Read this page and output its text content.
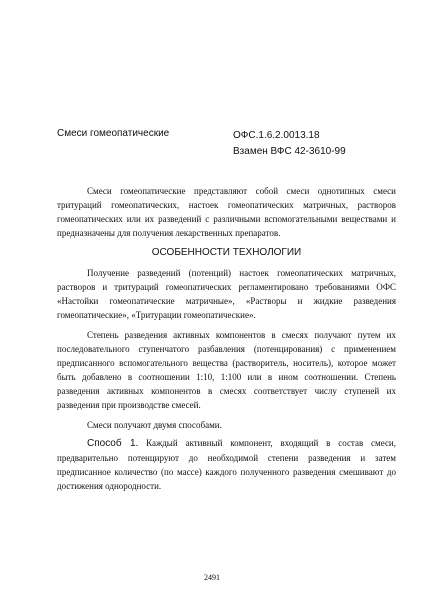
Смеси гомеопатические	ОФС.1.6.2.0013.18
Взамен ВФС 42-3610-99

Смеси гомеопатические представляют собой смеси однотипных смеси тритураций гомеопатических, настоек гомеопатических матричных, растворов гомеопатических или их разведений с различными вспомогательными веществами и предназначены для получения лекарственных препаратов.

ОСОБЕННОСТИ ТЕХНОЛОГИИ

Получение разведений (потенций) настоек гомеопатических матричных, растворов и тритураций гомеопатических регламентировано требованиями ОФС «Настойки гомеопатические матричные», «Растворы и жидкие разведения гомеопатические», «Тритурации гомеопатические».

Степень разведения активных компонентов в смесях получают путем их последовательного ступенчатого разбавления (потенцирования) с применением предписанного вспомогательного вещества (растворитель, носитель), которое может быть добавлено в соотношении 1:10, 1:100 или в ином соотношении. Степень разведения активных компонентов в смесях соответствует числу ступеней их разведения при производстве смесей.

Смеси получают двумя способами.

Способ 1. Каждый активный компонент, входящий в состав смеси, предварительно потенцируют до необходимой степени разведения и затем предписанное количество (по массе) каждого полученного разведения смешивают до достижения однородности.

2491
